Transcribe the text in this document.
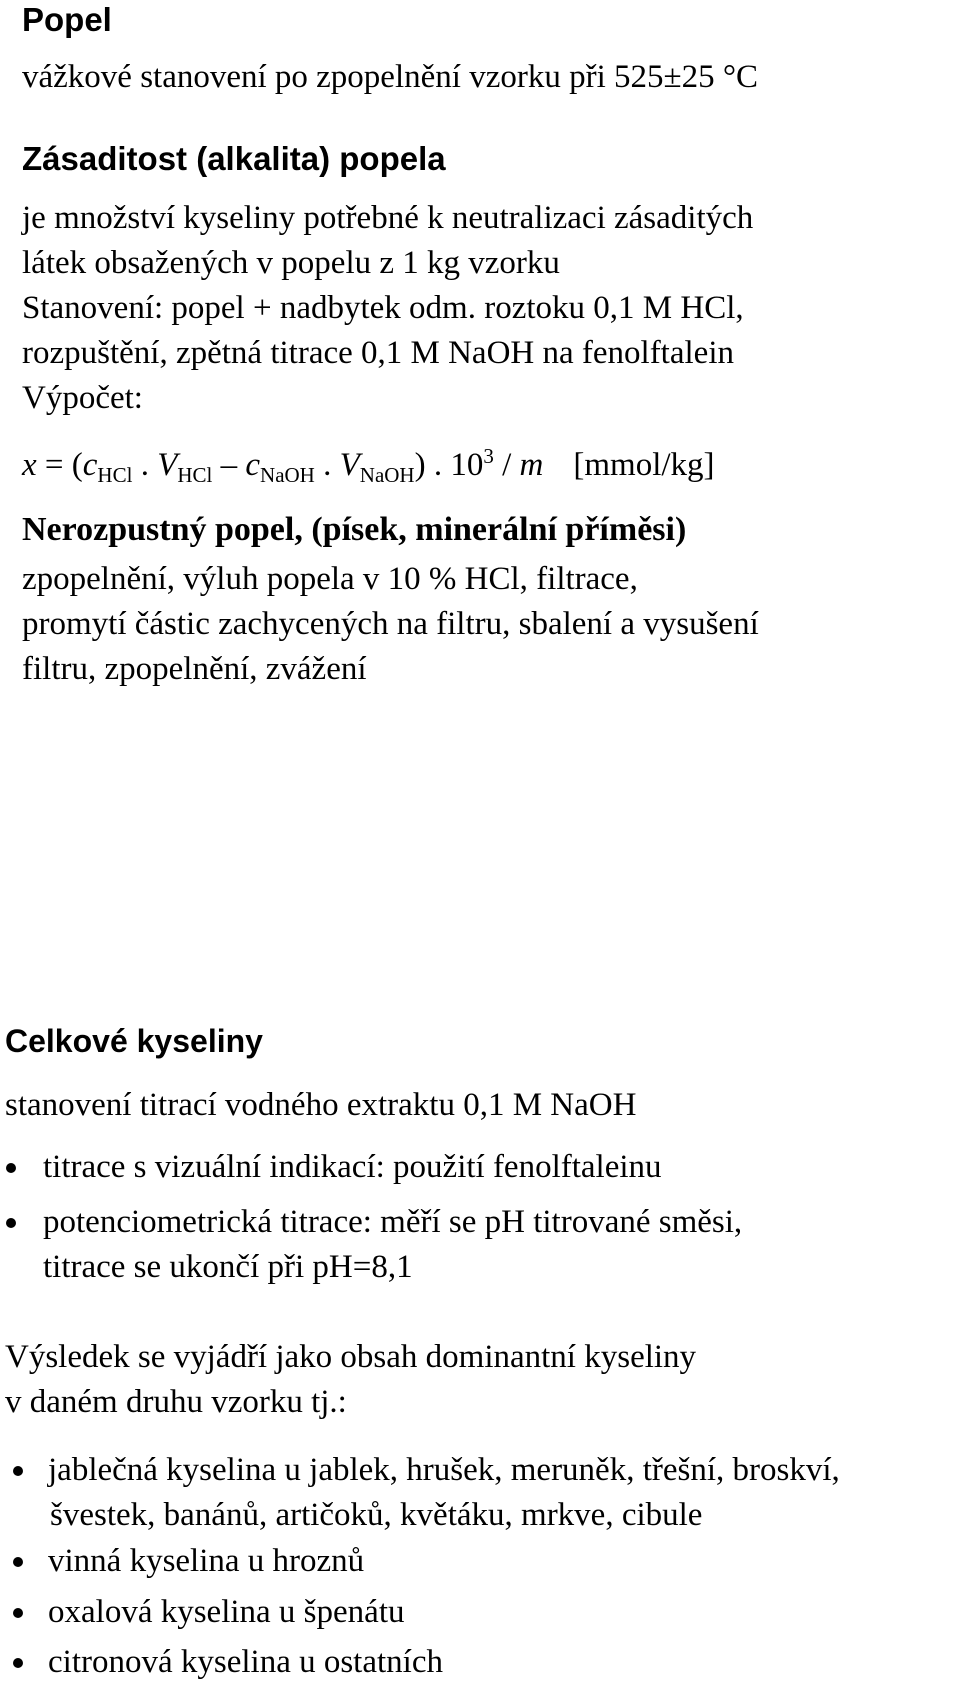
Popel
vážkové stanovení po zpopelnění vzorku při 525±25 °C
Zásaditost (alkalita) popela
je množství kyseliny potřebné k neutralizaci zásaditých
látek obsažených v popelu z 1 kg vzorku
Stanovení: popel + nadbytek odm. roztoku 0,1 M HCl,
rozpuštění, zpětná titrace 0,1 M NaOH na fenolftalein
Výpočet:
$x = (c_{HCl}$ . $V_{HCl} - c_{NaOH}$ . $V_{NaOH}$) . $10^3$ / m [mmol/kg]
Nerozpustný popel, (písek, minerální příměsi)
zpopelnění, výluh popela v 10 % HCl, filtrace,
promytí částic zachycených na filtru, sbalení a vysušení
filtru, zpopelnění, zvážení
Celkové kyseliny
stanovení titrací vodného extraktu 0,1 M NaOH
titrace s vizuální indikací: použití fenolftaleinu
potenciometrická titrace: měří se pH titrované směsi,
titrace se ukončí při pH=8,1
Výsledek se vyjádří jako obsah dominantní kyseliny
v daném druhu vzorku tj.:
jablečná kyselina u jablek, hrušek, meruněk, třešní, broskví,
švestek, banánů, artičoků, květáku, mrkve, cibule
vinná kyselina u hroznů
oxalová kyselina u špenátu
citronová kyselina u ostatních
